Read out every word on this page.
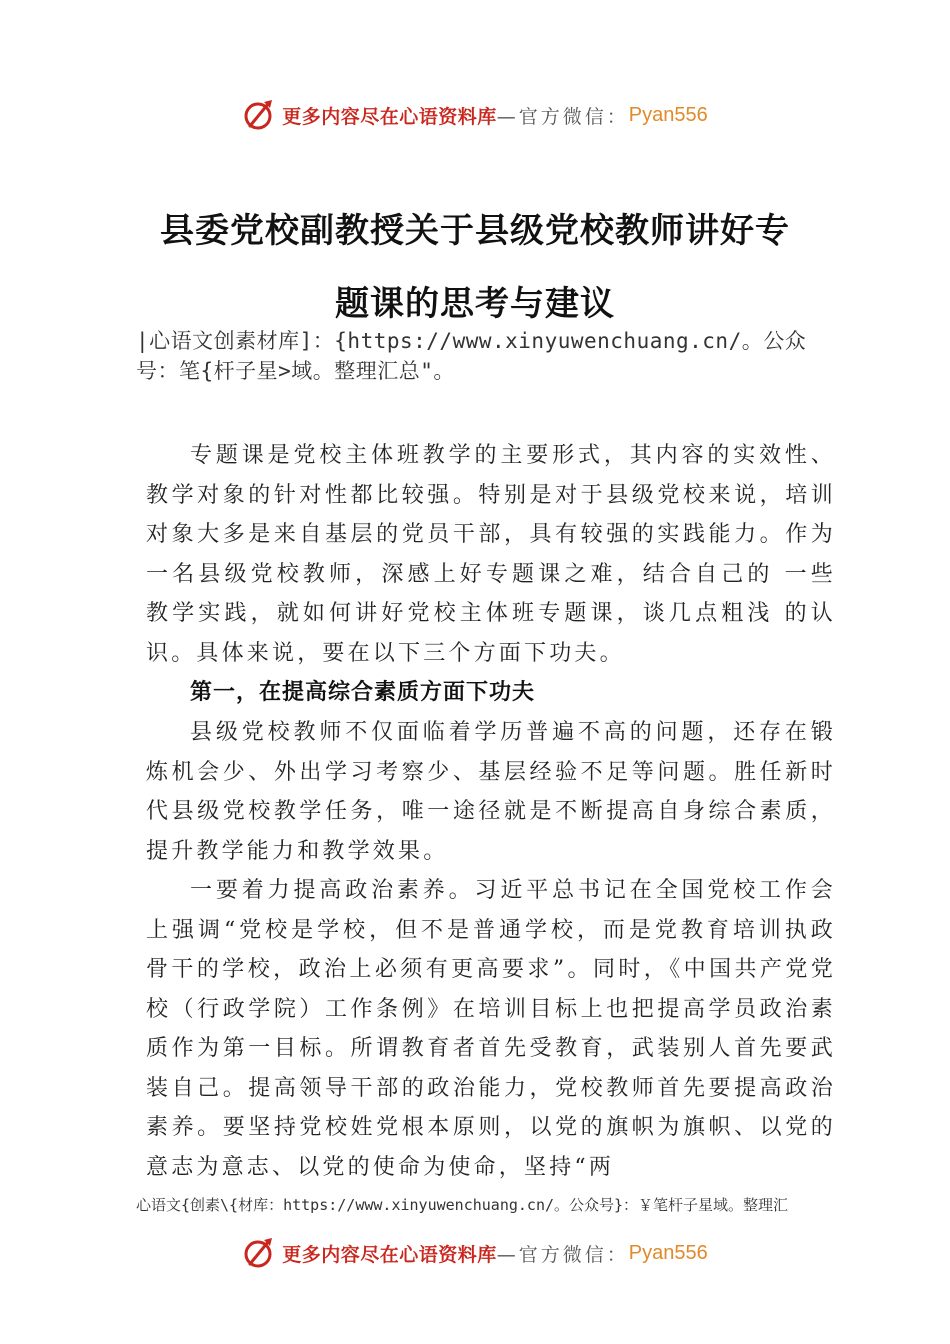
更多内容尽在心语资料库 —官方微信： Pyan556
县委党校副教授关于县级党校教师讲好专
题课的思考与建议
|心语文创素材库]：{https://www.xinyuwenchuang.cn/。公众号：笔{杆子星>域。整理汇总"。

专题课是党校主体班教学的主要形式，其内容的实效性、教学对象的针对性都比较强。特别是对于县级党校来说，培训对象大多是来自基层的党员干部，具有较强的实践能力。作为一名县级党校教师，深感上好专题课之难，结合自己的 一些教学实践，就如何讲好党校主体班专题课，谈几点粗浅 的认识。具体来说，要在以下三个方面下功夫。

第一，在提高综合素质方面下功夫

县级党校教师不仅面临着学历普遍不高的问题，还存在锻炼机会少、外出学习考察少、基层经验不足等问题。胜任新时代县级党校教学任务，唯一途径就是不断提高自身综合素质，提升教学能力和教学效果。

一要着力提高政治素养。习近平总书记在全国党校工作会上强调“党校是学校，但不是普通学校，而是党教育培训执政骨干的学校，政治上必须有更高要求”。同时，《中国共产党党校（行政学院）工作条例》在培训目标上也把提高学员政治素质作为第一目标。所谓教育者首先受教育，武装别人首先要武装自己。提高领导干部的政治能力，党校教师首先要提高政治素养。要坚持党校姓党根本原则，以党的旗帜为旗帜、以党的意志为意志、以党的使命为使命，坚持“两

心语文{创素\{材库：https://www.xinyuwenchuang.cn/。公众号}：￥笔杆子星域。整理汇
更多内容尽在心语资料库 —官方微信： Pyan556
